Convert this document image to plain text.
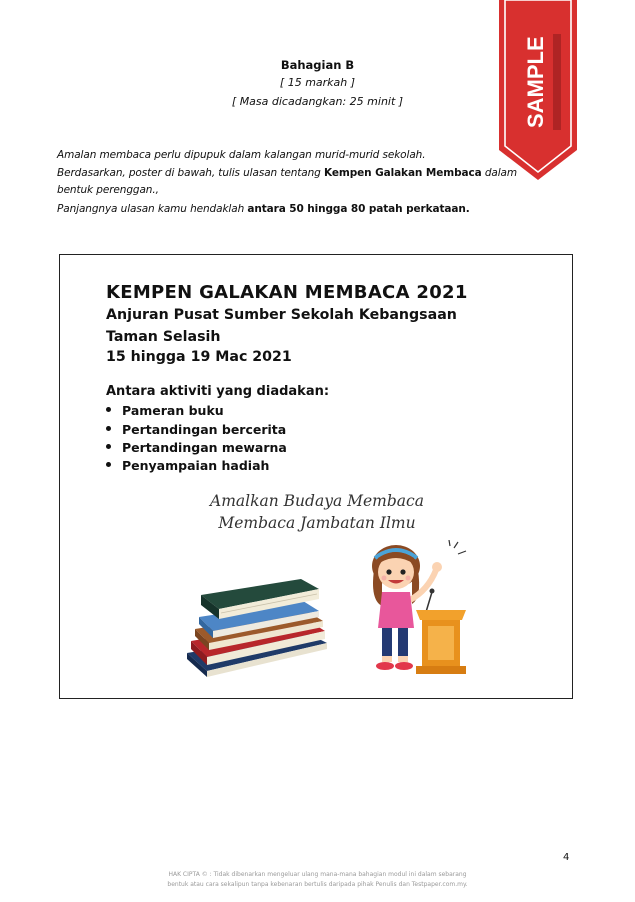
Bahagian B
[ 15 markah ]
[ Masa dicadangkan: 25 minit ]
Amalan membaca perlu dipupuk dalam kalangan murid-murid sekolah.
Berdasarkan, poster di bawah, tulis ulasan tentang Kempen Galakan Membaca dalam
bentuk perenggan.,
Panjangnya ulasan kamu hendaklah antara 50 hingga 80 patah perkataan.
KEMPEN GALAKAN MEMBACA 2021
Anjuran Pusat Sumber Sekolah Kebangsaan
Taman Selasih
15 hingga 19 Mac 2021
Antara aktiviti yang diadakan:
Pameran buku
Pertandingan bercerita
Pertandingan mewarna
Penyampaian hadiah
Amalkan Budaya Membaca
Membaca Jambatan Ilmu
SAMPLE
4
HAK CIPTA © : Tidak dibenarkan mengeluar ulang mana-mana bahagian modul ini dalam sebarang
bentuk atau cara sekalipun tanpa kebenaran bertulis daripada pihak Penulis dan Testpaper.com.my.
